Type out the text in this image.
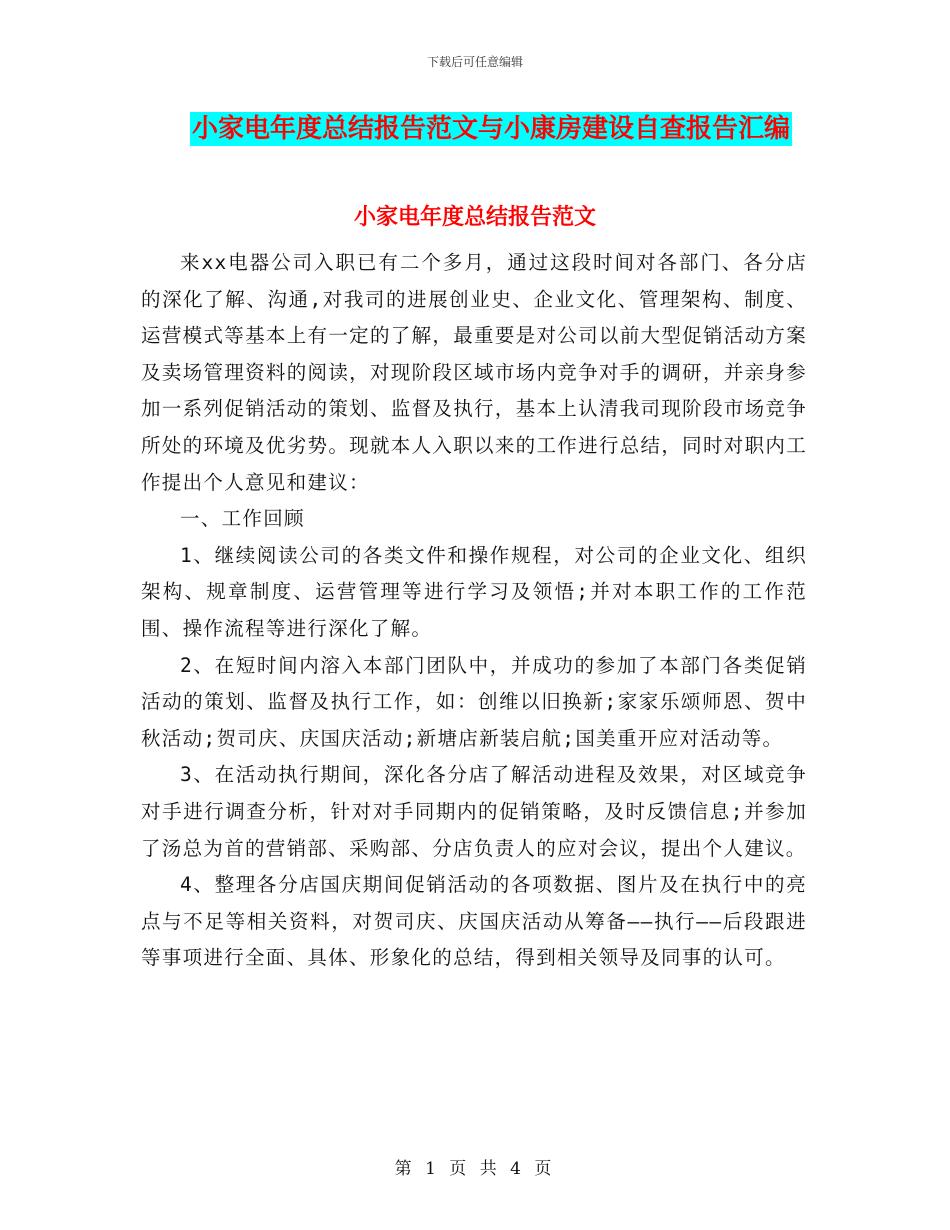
下载后可任意编辑
小家电年度总结报告范文与小康房建设自查报告汇编
小家电年度总结报告范文

来xx电器公司入职已有二个多月，通过这段时间对各部门、各分店的深化了解、沟通,对我司的进展创业史、企业文化、管理架构、制度、运营模式等基本上有一定的了解，最重要是对公司以前大型促销活动方案及卖场管理资料的阅读，对现阶段区域市场内竞争对手的调研，并亲身参加一系列促销活动的策划、监督及执行，基本上认清我司现阶段市场竞争所处的环境及优劣势。现就本人入职以来的工作进行总结，同时对职内工作提出个人意见和建议：

一、工作回顾

1、继续阅读公司的各类文件和操作规程，对公司的企业文化、组织架构、规章制度、运营管理等进行学习及领悟;并对本职工作的工作范围、操作流程等进行深化了解。

2、在短时间内溶入本部门团队中，并成功的参加了本部门各类促销活动的策划、监督及执行工作，如：创维以旧换新;家家乐颂师恩、贺中秋活动;贺司庆、庆国庆活动;新塘店新装启航;国美重开应对活动等。

3、在活动执行期间，深化各分店了解活动进程及效果，对区域竞争对手进行调查分析，针对对手同期内的促销策略，及时反馈信息;并参加了汤总为首的营销部、采购部、分店负责人的应对会议，提出个人建议。

4、整理各分店国庆期间促销活动的各项数据、图片及在执行中的亮点与不足等相关资料，对贺司庆、庆国庆活动从筹备——执行——后段跟进等事项进行全面、具体、形象化的总结，得到相关领导及同事的认可。

第 1 页 共 4 页
